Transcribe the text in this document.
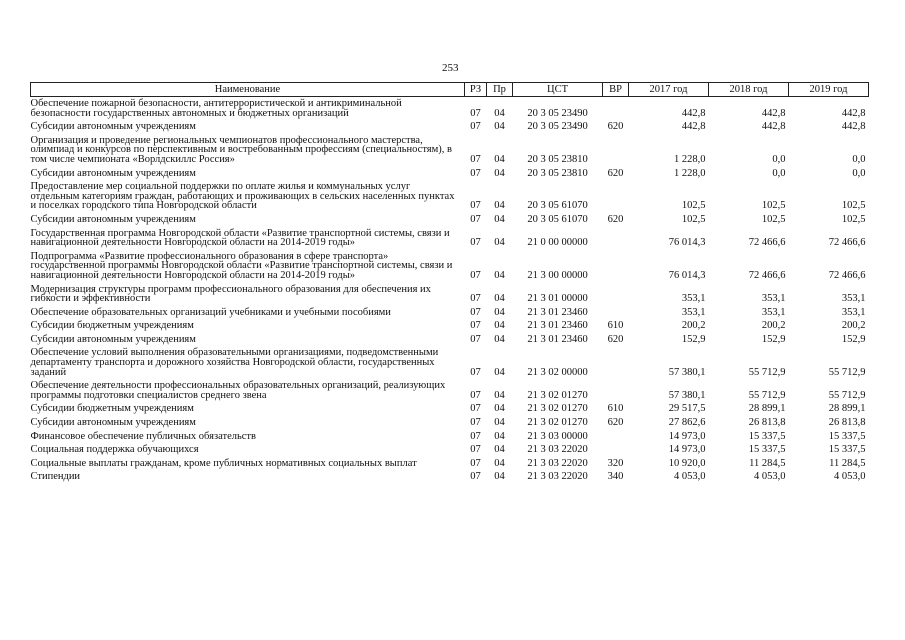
253
Наименование	РЗ	Пр	ЦСТ	ВР	2017 год	2018 год	2019 год
Обеспечение пожарной безопасности, антитеррористической и антикриминальной безопасности государственных автономных и бюджетных организаций	07	04	20 3 05 23490		442,8	442,8	442,8
Субсидии автономным учреждениям	07	04	20 3 05 23490	620	442,8	442,8	442,8
Организация и проведение региональных чемпионатов профессионального мастерства, олимпиад и конкурсов по перспективным и востребованным профессиям (специальностям), в том числе чемпионата «Ворлдскиллс Россия»	07	04	20 3 05 23810		1 228,0	0,0	0,0
Субсидии автономным учреждениям	07	04	20 3 05 23810	620	1 228,0	0,0	0,0
Предоставление мер социальной поддержки по оплате жилья и коммунальных услуг отдельным категориям граждан, работающих и проживающих в сельских населенных пунктах и поселках городского типа Новгородской области	07	04	20 3 05 61070		102,5	102,5	102,5
Субсидии автономным учреждениям	07	04	20 3 05 61070	620	102,5	102,5	102,5
Государственная программа Новгородской области «Развитие транспортной системы, связи и навигационной деятельности Новгородской области на 2014-2019 годы»	07	04	21 0 00 00000		76 014,3	72 466,6	72 466,6
Подпрограмма «Развитие профессионального образования в сфере транспорта» государственной программы Новгородской области «Развитие транспортной системы, связи и навигационной деятельности Новгородской области на 2014-2019 годы»	07	04	21 3 00 00000		76 014,3	72 466,6	72 466,6
Модернизация структуры программ профессионального образования для обеспечения их гибкости и эффективности	07	04	21 3 01 00000		353,1	353,1	353,1
Обеспечение образовательных организаций учебниками и учебными пособиями	07	04	21 3 01 23460		353,1	353,1	353,1
Субсидии бюджетным учреждениям	07	04	21 3 01 23460	610	200,2	200,2	200,2
Субсидии автономным учреждениям	07	04	21 3 01 23460	620	152,9	152,9	152,9
Обеспечение условий выполнения образовательными организациями, подведомственными департаменту транспорта и дорожного хозяйства Новгородской области, государственных заданий	07	04	21 3 02 00000		57 380,1	55 712,9	55 712,9
Обеспечение деятельности профессиональных образовательных организаций, реализующих программы подготовки специалистов среднего звена	07	04	21 3 02 01270		57 380,1	55 712,9	55 712,9
Субсидии бюджетным учреждениям	07	04	21 3 02 01270	610	29 517,5	28 899,1	28 899,1
Субсидии автономным учреждениям	07	04	21 3 02 01270	620	27 862,6	26 813,8	26 813,8
Финансовое обеспечение публичных обязательств	07	04	21 3 03 00000		14 973,0	15 337,5	15 337,5
Социальная поддержка обучающихся	07	04	21 3 03 22020		14 973,0	15 337,5	15 337,5
Социальные выплаты гражданам, кроме публичных нормативных социальных выплат	07	04	21 3 03 22020	320	10 920,0	11 284,5	11 284,5
Стипендии	07	04	21 3 03 22020	340	4 053,0	4 053,0	4 053,0
